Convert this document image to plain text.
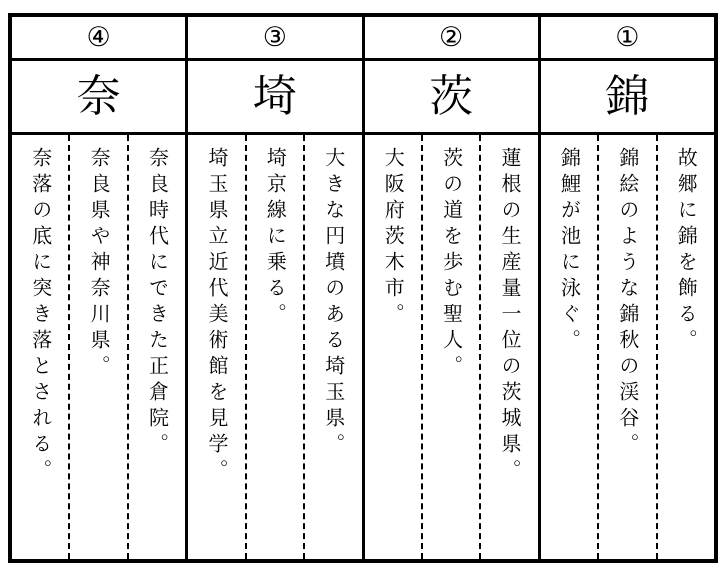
④
奈
奈良時代にできた正倉院。
奈良県や神奈川県。
奈落の底に突き落とされる。
③
埼
大きな円墳のある埼玉県。
埼京線に乗る。
埼玉県立近代美術館を見学。
②
茨
蓮根の生産量一位の茨城県。
茨の道を歩む聖人。
大阪府茨木市。
①
錦
故郷に錦を飾る。
錦絵のような錦秋の渓谷。
錦鯉が池に泳ぐ。
